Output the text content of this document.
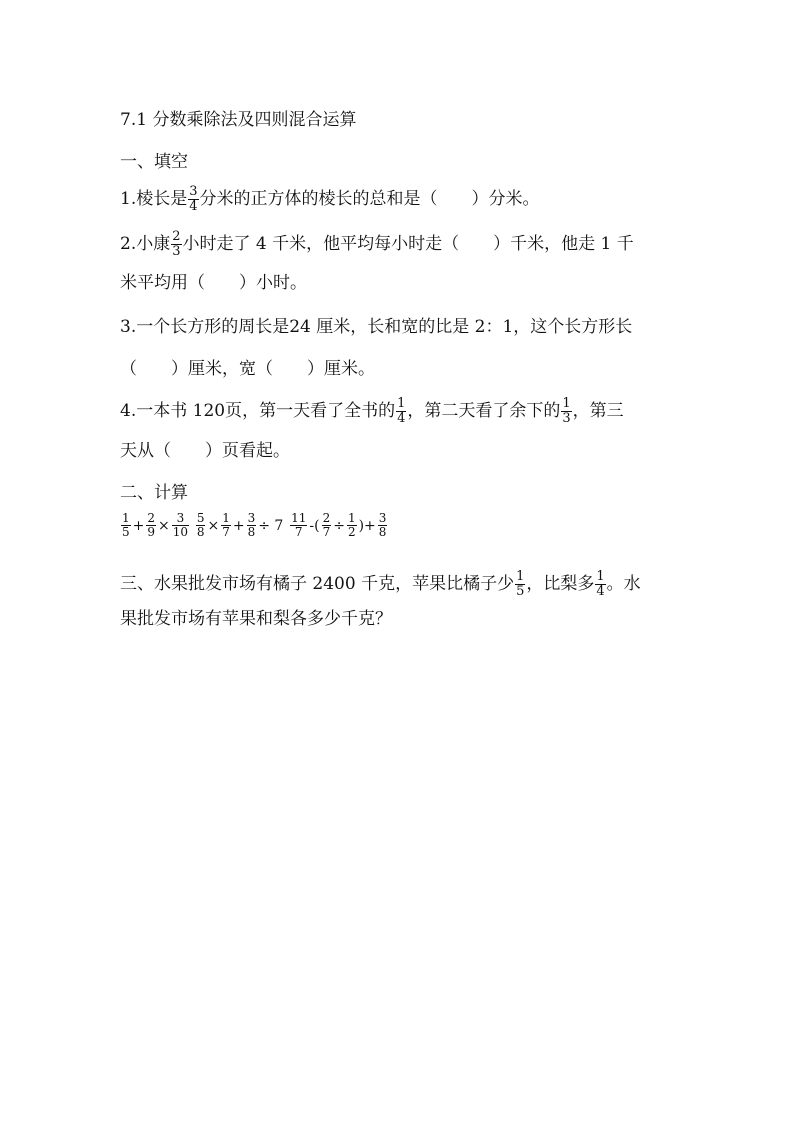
7.1 分数乘除法及四则混合运算
一、填空
1.棱长是 $\frac{3}{4}$ 分米的正方体的棱长的总和是（　　）分米。
2.小康 $\frac{2}{3}$ 小时走了 4 千米，他平均每小时走（　　）千米，他走 1 千
米平均用（　　）小时。
3.一个长方形的周长是24 厘米，长和宽的比是 2：1，这个长方形长
（　　）厘米，宽（　　）厘米。
4.一本书 120页，第一天看了全书的 $\frac{1}{4}$ ，第二天看了余下的 $\frac{1}{3}$ ，第三
天从（　　）页看起。
二、计算
$\frac{1}{5} + \frac{2}{9} \times \frac{3}{10}$
$\frac{5}{8} \times \frac{1}{7} + \frac{3}{8} \div 7 \frac{11}{7}$ -( $\frac{2}{7} \div \frac{1}{2}$ )+ $\frac{3}{8}$
三、水果批发市场有橘子 2400 千克，苹果比橘子少 $\frac{1}{5}$ ，比梨多 $\frac{1}{4}$ 。水
果批发市场有苹果和梨各多少千克？
